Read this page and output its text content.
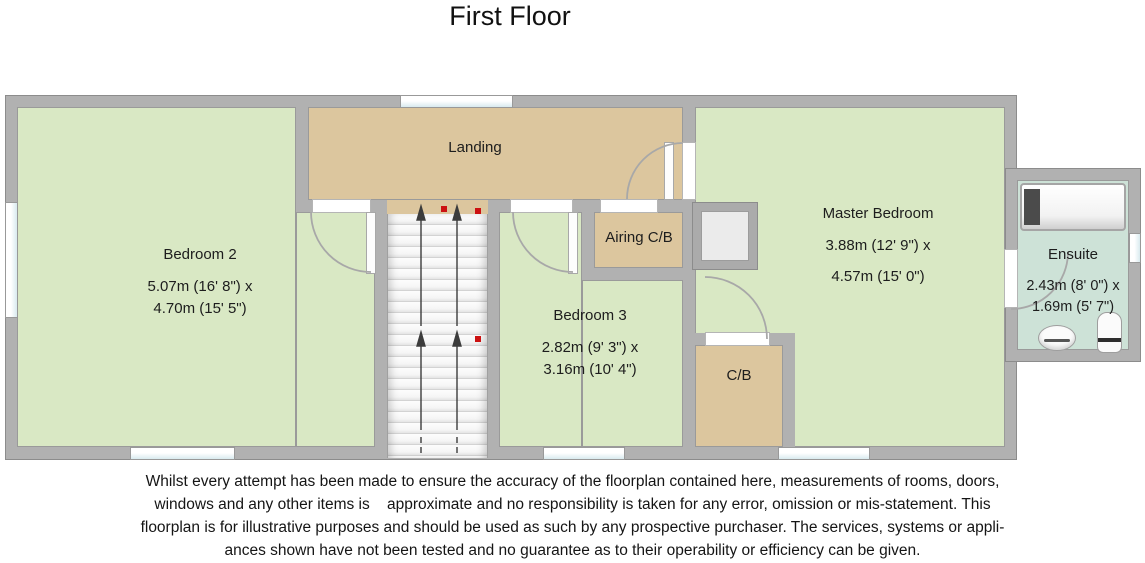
First Floor
Bedroom 2
5.07m (16' 8") x
4.70m (15' 5")
Landing
Airing C/B
Bedroom 3
2.82m (9' 3") x
3.16m (10' 4")	C/B
Master Bedroom
3.88m (12' 9") x
4.57m (15' 0")
Ensuite
2.43m (8' 0") x
1.69m (5' 7")
Whilst every attempt has been made to ensure the accuracy of the floorplan contained here, measurements of rooms, doors,
windows and any other items is    approximate and no responsibility is taken for any error, omission or mis-statement. This
floorplan is for illustrative purposes and should be used as such by any prospective purchaser. The services, systems or appli-
ances shown have not been tested and no guarantee as to their operability or efficiency can be given.
